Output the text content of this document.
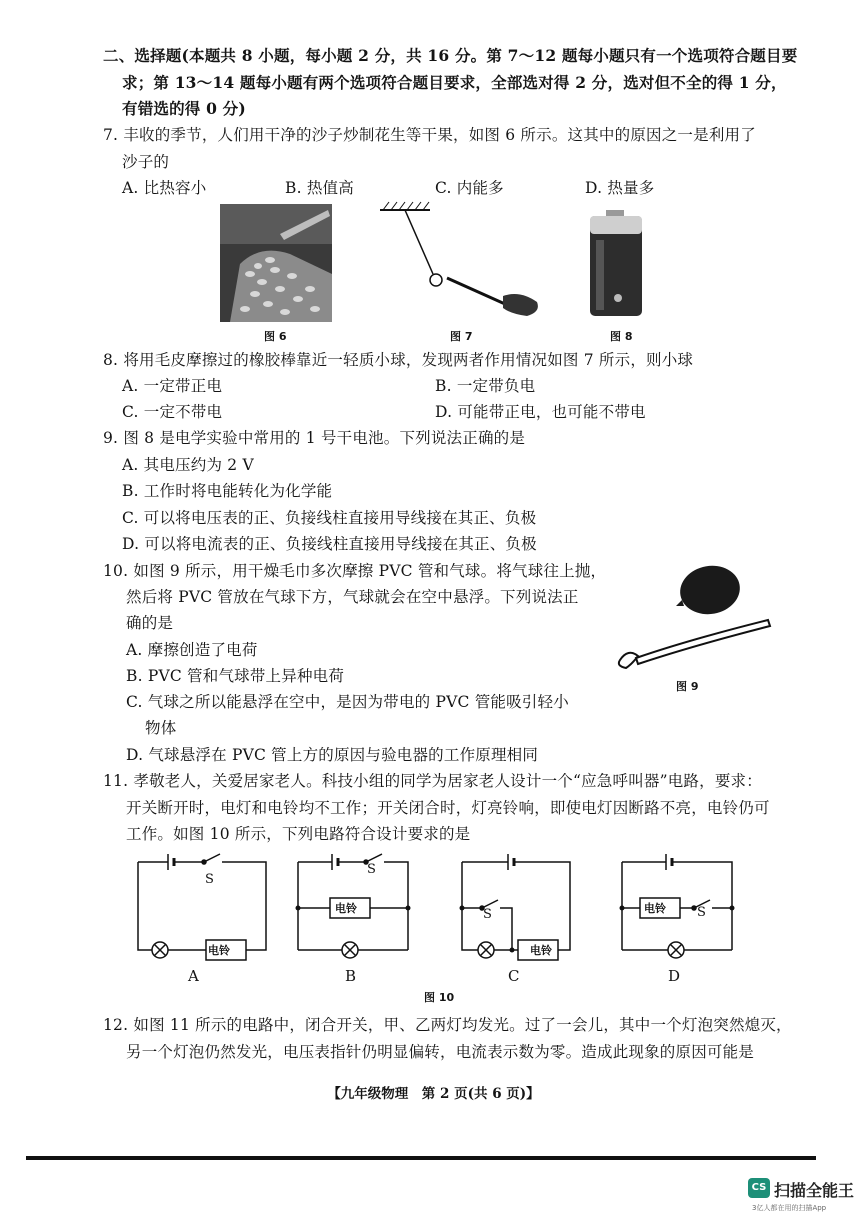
二、选择题(本题共 8 小题，每小题 2 分，共 16 分。第 7～12 题每小题只有一个选项符合题目要
求；第 13～14 题每小题有两个选项符合题目要求，全部选对得 2 分，选对但不全的得 1 分，
有错选的得 0 分)
7. 丰收的季节，人们用干净的沙子炒制花生等干果，如图 6 所示。这其中的原因之一是利用了
沙子的
A. 比热容小	B. 热值高	C. 内能多	D. 热量多
图 6	图 7	图 8
8. 将用毛皮摩擦过的橡胶棒靠近一轻质小球，发现两者作用情况如图 7 所示，则小球
A. 一定带正电	B. 一定带负电
C. 一定不带电	D. 可能带正电，也可能不带电
9. 图 8 是电学实验中常用的 1 号干电池。下列说法正确的是
A. 其电压约为 2 V
B. 工作时将电能转化为化学能
C. 可以将电压表的正、负接线柱直接用导线接在其正、负极
D. 可以将电流表的正、负接线柱直接用导线接在其正、负极
10. 如图 9 所示，用干燥毛巾多次摩擦 PVC 管和气球。将气球往上抛，
然后将 PVC 管放在气球下方，气球就会在空中悬浮。下列说法正
确的是
A. 摩擦创造了电荷
B. PVC 管和气球带上异种电荷
C. 气球之所以能悬浮在空中，是因为带电的 PVC 管能吸引轻小
物体
D. 气球悬浮在 PVC 管上方的原因与验电器的工作原理相同
图 9
11. 孝敬老人，关爱居家老人。科技小组的同学为居家老人设计一个“应急呼叫器”电路，要求：
开关断开时，电灯和电铃均不工作；开关闭合时，灯亮铃响，即使电灯因断路不亮，电铃仍可
工作。如图 10 所示，下列电路符合设计要求的是
S
电铃
A
S
电铃
B
S
电铃
C
S
电铃
D
图 10
12. 如图 11 所示的电路中，闭合开关，甲、乙两灯均发光。过了一会儿，其中一个灯泡突然熄灭，
另一个灯泡仍然发光，电压表指针仍明显偏转，电流表示数为零。造成此现象的原因可能是
【九年级物理　第 2 页(共 6 页)】
CS 扫描全能王
3亿人都在用的扫描App
